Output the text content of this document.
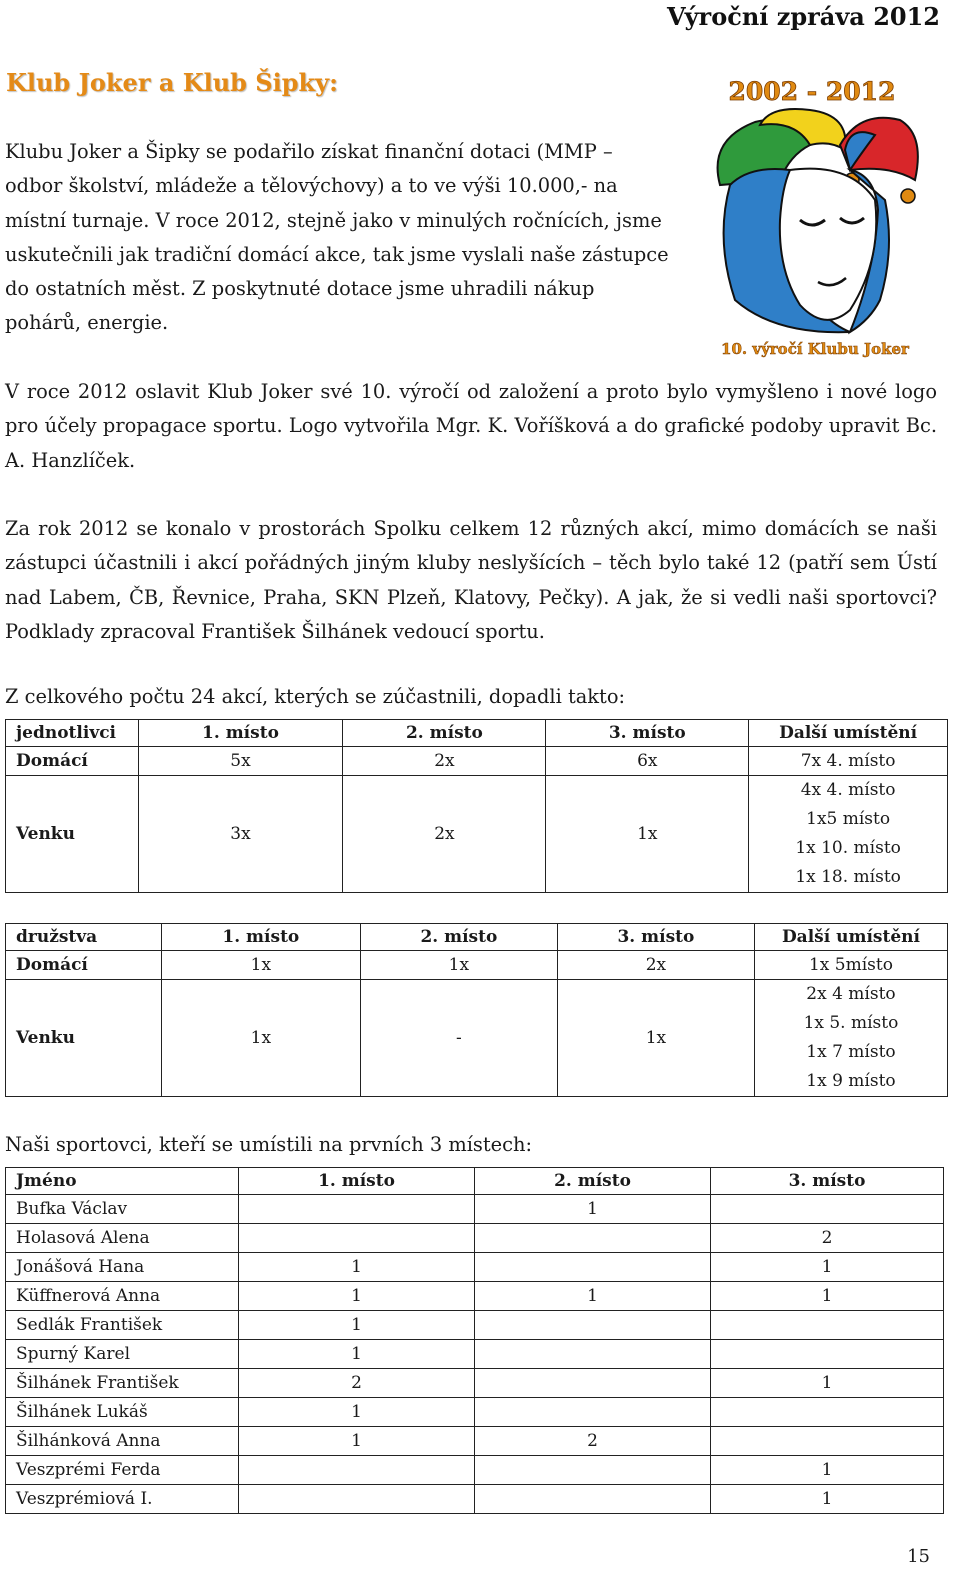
Výroční zpráva 2012
Klub Joker a Klub Šipky:

Klubu Joker a Šipky se podařilo získat finanční dotaci (MMP – odbor školství, mládeže a tělovýchovy) a to ve výši 10.000,- na místní turnaje. V roce 2012, stejně jako v minulých ročnících, jsme uskutečnili jak tradiční domácí akce, tak jsme vyslali naše zástupce do ostatních měst. Z poskytnuté dotace jsme uhradili nákup pohárů, energie.

2002 - 2012
10. výročí Klubu Joker

V roce 2012 oslavit Klub Joker své 10. výročí od založení a proto bylo vymyšleno i nové logo pro účely propagace sportu. Logo vytvořila Mgr. K. Voříšková a do grafické podoby upravit Bc. A. Hanzlíček.

Za rok 2012 se konalo v prostorách Spolku celkem 12 různých akcí, mimo domácích se naši zástupci účastnili i akcí pořádných jiným kluby neslyšících – těch bylo také 12 (patří sem Ústí nad Labem, ČB, Řevnice, Praha, SKN Plzeň, Klatovy, Pečky). A jak, že si vedli naši sportovci? Podklady zpracoval František Šilhánek vedoucí sportu.

Z celkového počtu 24 akcí, kterých se zúčastnili, dopadli takto:

jednotlivci	1. místo	2. místo	3. místo	Další umístění
Domácí	5x	2x	6x	7x 4. místo
Venku	3x	2x	1x	4x 4. místo
1x5 místo
1x 10. místo
1x 18. místo
družstva	1. místo	2. místo	3. místo	Další umístění
Domácí	1x	1x	2x	1x 5místo
Venku	1x	-	1x	2x 4 místo
1x 5. místo
1x 7 místo
1x 9 místo

Naši sportovci, kteří se umístili na prvních 3 místech:

Jméno	1. místo	2. místo	3. místo
Bufka Václav		1	
Holasová Alena			2
Jonášová Hana	1		1
Küffnerová Anna	1	1	1
Sedlák František	1		
Spurný Karel	1		
Šilhánek František	2		1
Šilhánek Lukáš	1		
Šilhánková Anna	1	2	
Veszprémi Ferda			1
Veszprémiová I.			1
15
